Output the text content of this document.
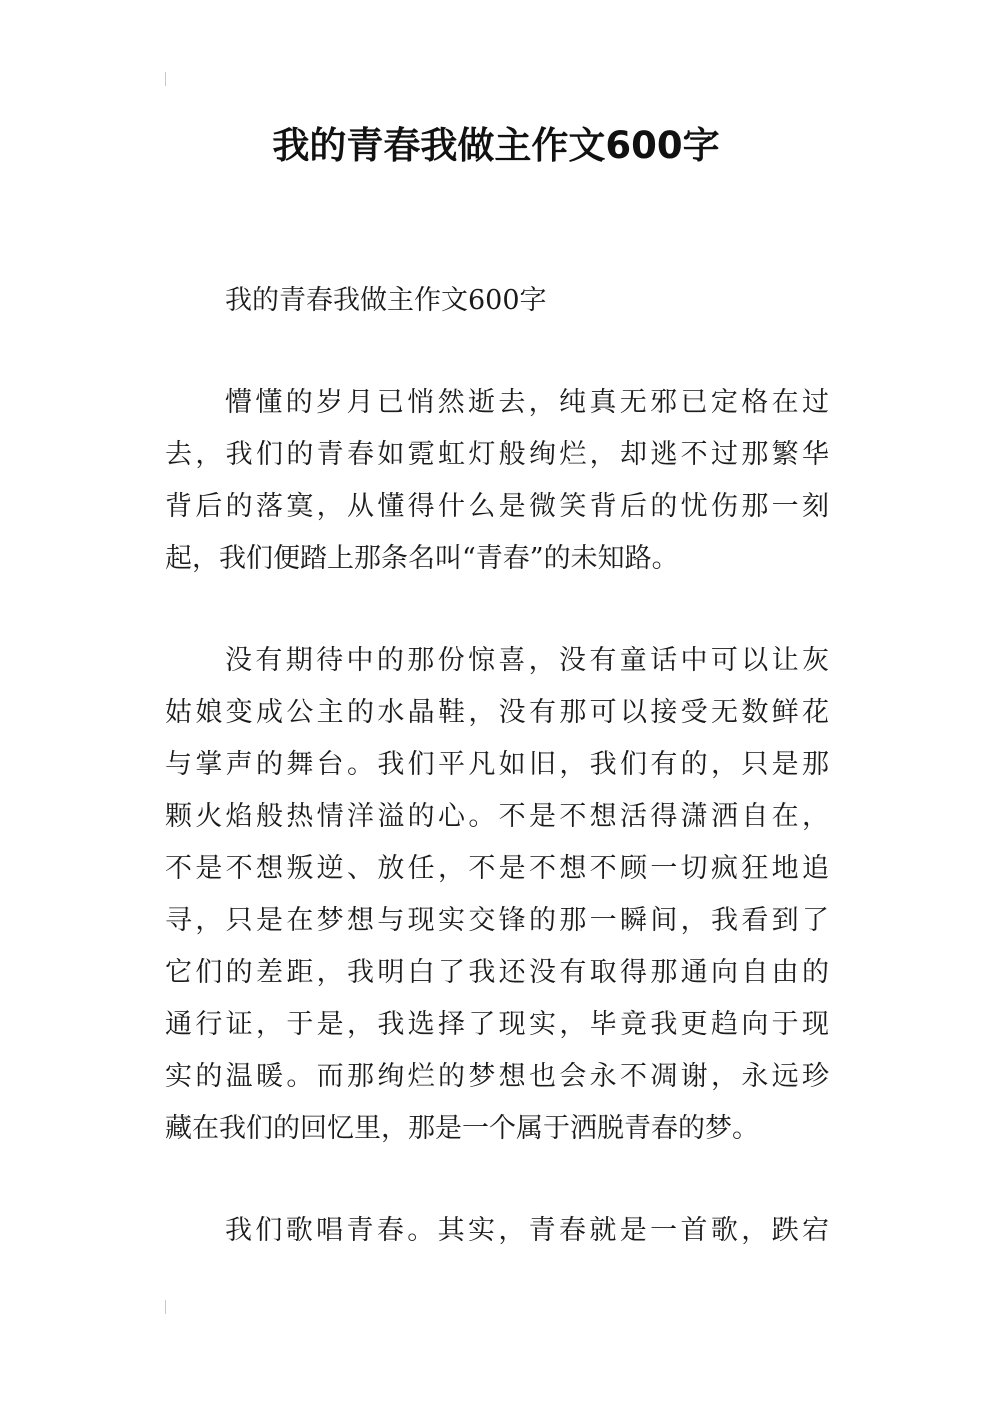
我的青春我做主作文600字

我的青春我做主作文600字

懵懂的岁月已悄然逝去，纯真无邪已定格在过
去，我们的青春如霓虹灯般绚烂，却逃不过那繁华
背后的落寞，从懂得什么是微笑背后的忧伤那一刻
起，我们便踏上那条名叫“青春”的未知路。

没有期待中的那份惊喜，没有童话中可以让灰
姑娘变成公主的水晶鞋，没有那可以接受无数鲜花
与掌声的舞台。我们平凡如旧，我们有的，只是那
颗火焰般热情洋溢的心。不是不想活得潇洒自在，
不是不想叛逆、放任，不是不想不顾一切疯狂地追
寻，只是在梦想与现实交锋的那一瞬间，我看到了
它们的差距，我明白了我还没有取得那通向自由的
通行证，于是，我选择了现实，毕竟我更趋向于现
实的温暖。而那绚烂的梦想也会永不凋谢，永远珍
藏在我们的回忆里，那是一个属于洒脱青春的梦。

我们歌唱青春。其实，青春就是一首歌，跌宕
